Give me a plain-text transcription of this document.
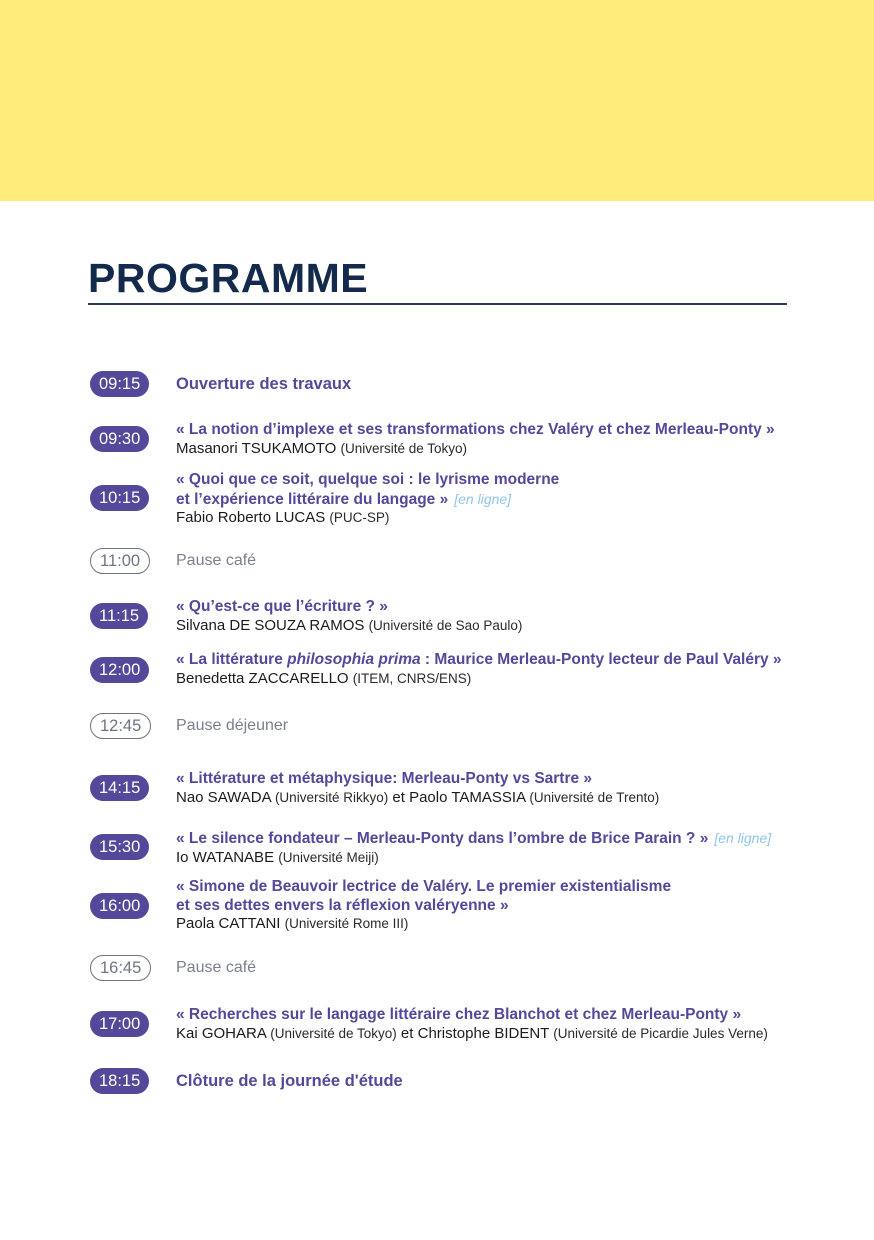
PROGRAMME
09:15	Ouverture des travaux
09:30
« La notion d’implexe et ses transformations chez Valéry et chez Merleau-Ponty »
Masanori TSUKAMOTO (Université de Tokyo)
10:15
« Quoi que ce soit, quelque soi : le lyrisme moderne
et l’expérience littéraire du langage » [en ligne]
Fabio Roberto LUCAS (PUC-SP)
11:00	Pause café
11:15
« Qu’est-ce que l’écriture ? »
Silvana DE SOUZA RAMOS (Université de Sao Paulo)
12:00
« La littérature philosophia prima : Maurice Merleau-Ponty lecteur de Paul Valéry »
Benedetta ZACCARELLO (ITEM, CNRS/ENS)
12:45	Pause déjeuner
14:15
« Littérature et métaphysique: Merleau-Ponty vs Sartre »
Nao SAWADA (Université Rikkyo) et Paolo TAMASSIA (Université de Trento)
15:30	« Le silence fondateur – Merleau-Ponty dans l’ombre de Brice Parain ? » [en ligne]
Io WATANABE (Université Meiji)
16:00
« Simone de Beauvoir lectrice de Valéry. Le premier existentialisme
et ses dettes envers la réflexion valéryenne »
Paola CATTANI (Université Rome III)
16:45	Pause café
17:00
« Recherches sur le langage littéraire chez Blanchot et chez Merleau-Ponty »
Kai GOHARA (Université de Tokyo) et Christophe BIDENT (Université de Picardie Jules Verne)
18:15	Clôture de la journée d'étude
